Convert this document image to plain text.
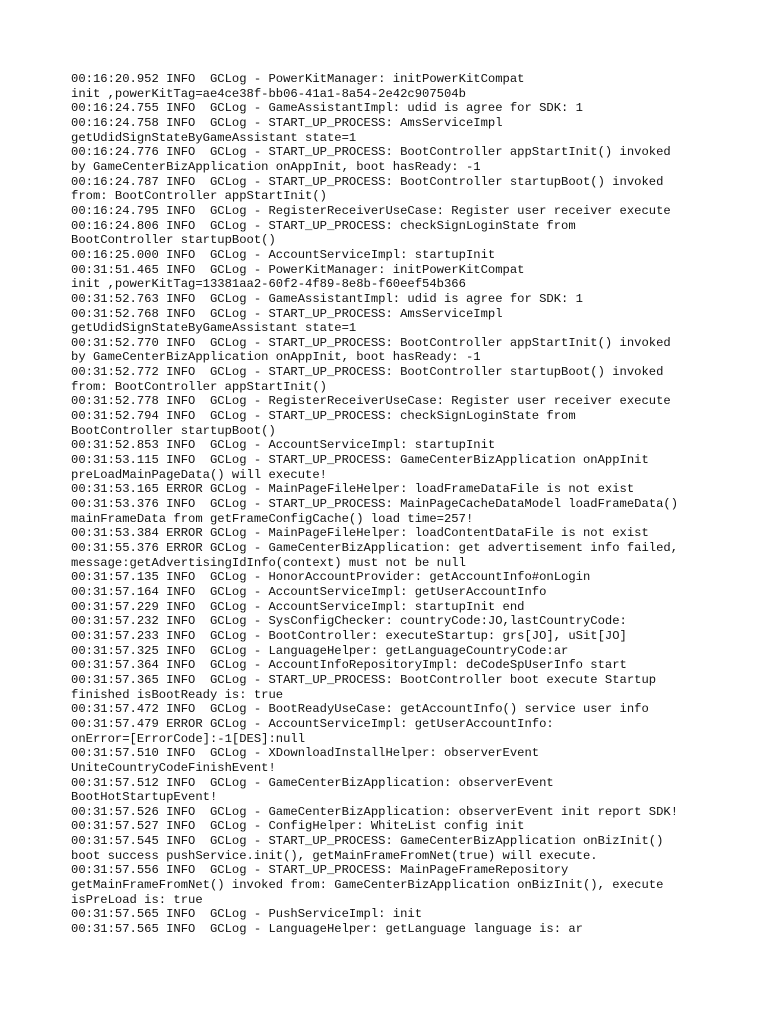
00:16:20.952 INFO  GCLog - PowerKitManager: initPowerKitCompat
init ,powerKitTag=ae4ce38f-bb06-41a1-8a54-2e42c907504b
00:16:24.755 INFO  GCLog - GameAssistantImpl: udid is agree for SDK: 1
00:16:24.758 INFO  GCLog - START_UP_PROCESS: AmsServiceImpl
getUdidSignStateByGameAssistant state=1
00:16:24.776 INFO  GCLog - START_UP_PROCESS: BootController appStartInit() invoked
by GameCenterBizApplication onAppInit, boot hasReady: -1
00:16:24.787 INFO  GCLog - START_UP_PROCESS: BootController startupBoot() invoked
from: BootController appStartInit()
00:16:24.795 INFO  GCLog - RegisterReceiverUseCase: Register user receiver execute
00:16:24.806 INFO  GCLog - START_UP_PROCESS: checkSignLoginState from
BootController startupBoot()
00:16:25.000 INFO  GCLog - AccountServiceImpl: startupInit
00:31:51.465 INFO  GCLog - PowerKitManager: initPowerKitCompat
init ,powerKitTag=13381aa2-60f2-4f89-8e8b-f60eef54b366
00:31:52.763 INFO  GCLog - GameAssistantImpl: udid is agree for SDK: 1
00:31:52.768 INFO  GCLog - START_UP_PROCESS: AmsServiceImpl
getUdidSignStateByGameAssistant state=1
00:31:52.770 INFO  GCLog - START_UP_PROCESS: BootController appStartInit() invoked
by GameCenterBizApplication onAppInit, boot hasReady: -1
00:31:52.772 INFO  GCLog - START_UP_PROCESS: BootController startupBoot() invoked
from: BootController appStartInit()
00:31:52.778 INFO  GCLog - RegisterReceiverUseCase: Register user receiver execute
00:31:52.794 INFO  GCLog - START_UP_PROCESS: checkSignLoginState from
BootController startupBoot()
00:31:52.853 INFO  GCLog - AccountServiceImpl: startupInit
00:31:53.115 INFO  GCLog - START_UP_PROCESS: GameCenterBizApplication onAppInit
preLoadMainPageData() will execute!
00:31:53.165 ERROR GCLog - MainPageFileHelper: loadFrameDataFile is not exist
00:31:53.376 INFO  GCLog - START_UP_PROCESS: MainPageCacheDataModel loadFrameData()
mainFrameData from getFrameConfigCache() load time=257!
00:31:53.384 ERROR GCLog - MainPageFileHelper: loadContentDataFile is not exist
00:31:55.376 ERROR GCLog - GameCenterBizApplication: get advertisement info failed,
message:getAdvertisingIdInfo(context) must not be null
00:31:57.135 INFO  GCLog - HonorAccountProvider: getAccountInfo#onLogin
00:31:57.164 INFO  GCLog - AccountServiceImpl: getUserAccountInfo
00:31:57.229 INFO  GCLog - AccountServiceImpl: startupInit end
00:31:57.232 INFO  GCLog - SysConfigChecker: countryCode:JO,lastCountryCode:
00:31:57.233 INFO  GCLog - BootController: executeStartup: grs[JO], uSit[JO]
00:31:57.325 INFO  GCLog - LanguageHelper: getLanguageCountryCode:ar
00:31:57.364 INFO  GCLog - AccountInfoRepositoryImpl: deCodeSpUserInfo start
00:31:57.365 INFO  GCLog - START_UP_PROCESS: BootController boot execute Startup
finished isBootReady is: true
00:31:57.472 INFO  GCLog - BootReadyUseCase: getAccountInfo() service user info
00:31:57.479 ERROR GCLog - AccountServiceImpl: getUserAccountInfo:
onError=[ErrorCode]:-1[DES]:null
00:31:57.510 INFO  GCLog - XDownloadInstallHelper: observerEvent
UniteCountryCodeFinishEvent!
00:31:57.512 INFO  GCLog - GameCenterBizApplication: observerEvent
BootHotStartupEvent!
00:31:57.526 INFO  GCLog - GameCenterBizApplication: observerEvent init report SDK!
00:31:57.527 INFO  GCLog - ConfigHelper: WhiteList config init
00:31:57.545 INFO  GCLog - START_UP_PROCESS: GameCenterBizApplication onBizInit()
boot success pushService.init(), getMainFrameFromNet(true) will execute.
00:31:57.556 INFO  GCLog - START_UP_PROCESS: MainPageFrameRepository
getMainFrameFromNet() invoked from: GameCenterBizApplication onBizInit(), execute
isPreLoad is: true
00:31:57.565 INFO  GCLog - PushServiceImpl: init
00:31:57.565 INFO  GCLog - LanguageHelper: getLanguage language is: ar
